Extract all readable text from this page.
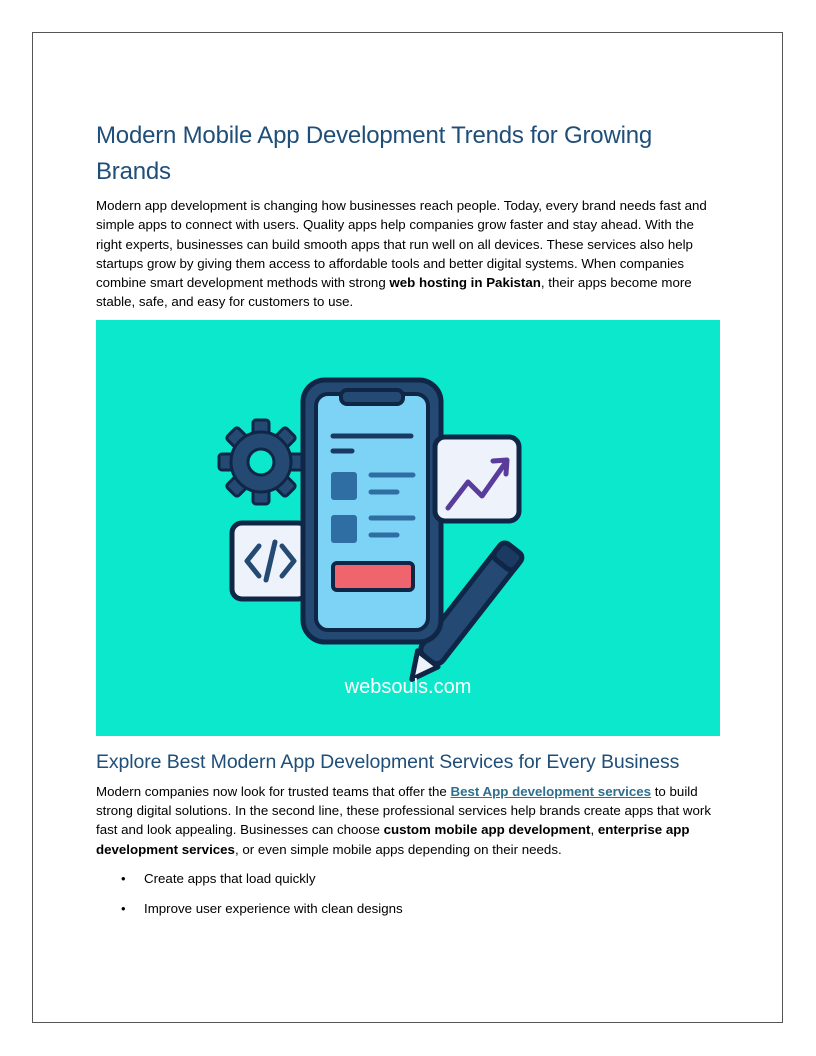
Modern Mobile App Development Trends for Growing Brands

Modern app development is changing how businesses reach people. Today, every brand needs fast and simple apps to connect with users. Quality apps help companies grow faster and stay ahead. With the right experts, businesses can build smooth apps that run well on all devices. These services also help startups grow by giving them access to affordable tools and better digital systems. When companies combine smart development methods with strong web hosting in Pakistan, their apps become more stable, safe, and easy for customers to use.

websouls.com
Explore Best Modern App Development Services for Every Business

Modern companies now look for trusted teams that offer the Best App development services to build strong digital solutions. In the second line, these professional services help brands create apps that work fast and look appealing. Businesses can choose custom mobile app development, enterprise app development services, or even simple mobile apps depending on their needs.

• Create apps that load quickly
• Improve user experience with clean designs
